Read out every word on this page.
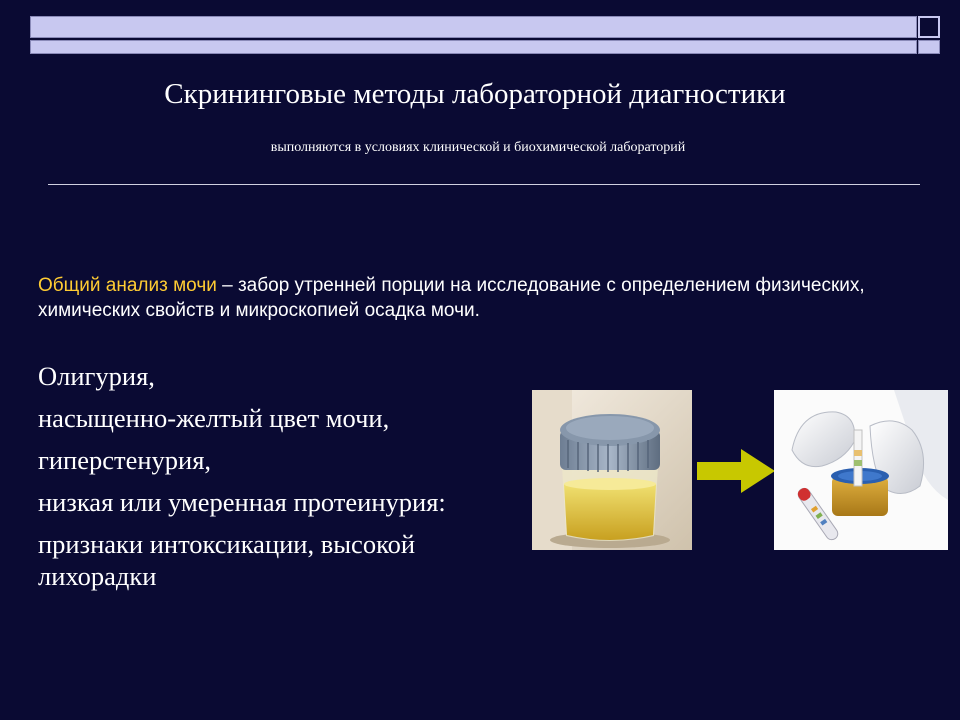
Скрининговые методы лабораторной диагностики
выполняются в условиях клинической и биохимической лабораторий
Общий анализ мочи – забор утренней порции на исследование с определением физических, химических свойств и микроскопией осадка мочи.
Олигурия,
насыщенно-желтый цвет мочи,
гиперстенурия,
низкая или умеренная протеинурия:
признаки интоксикации, высокой лихорадки
